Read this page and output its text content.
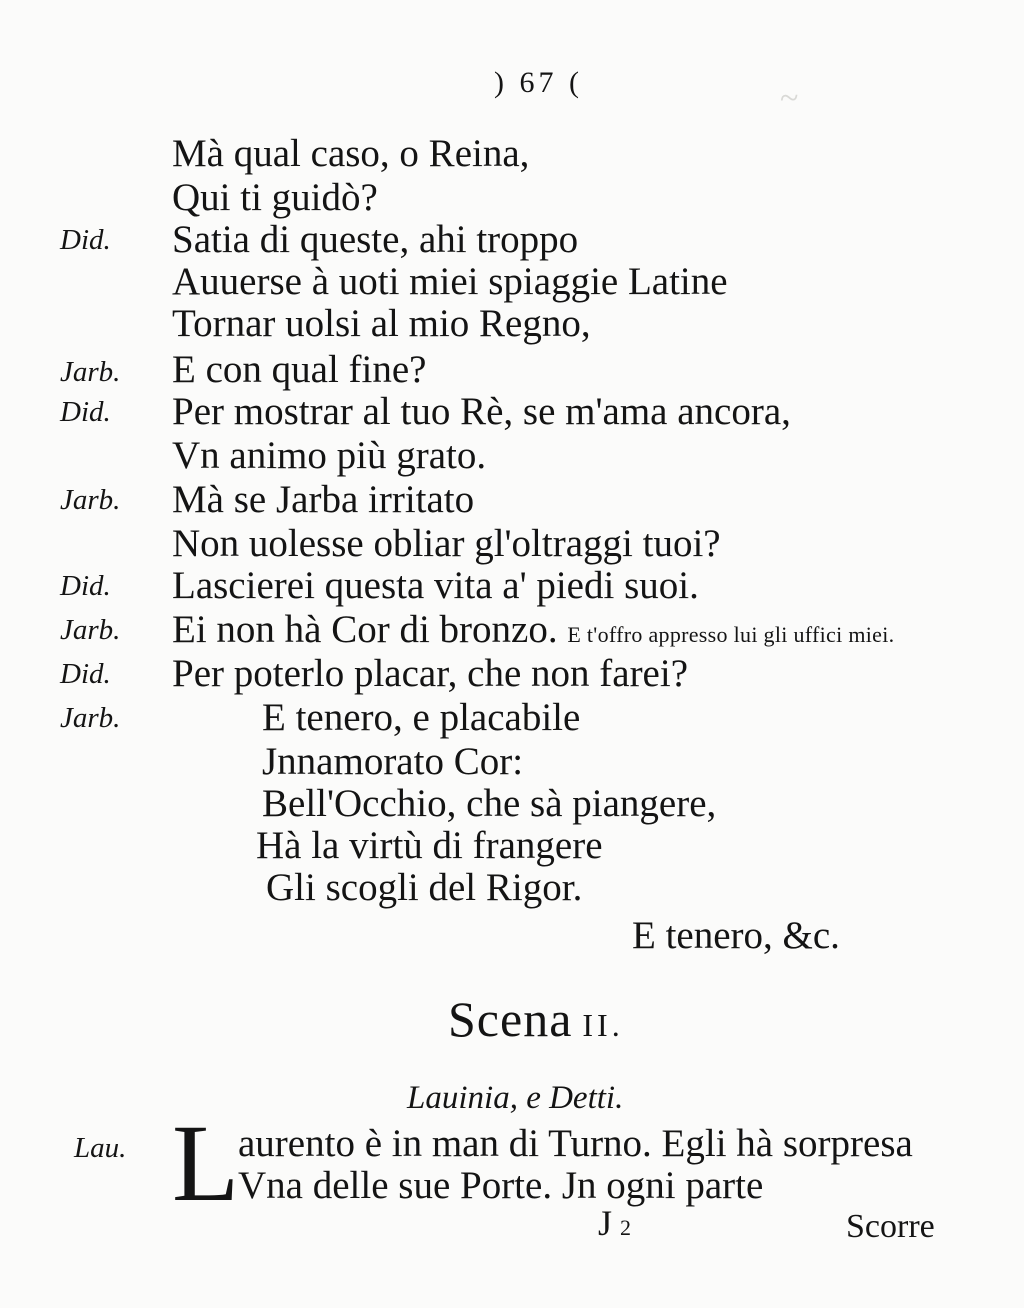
~
) 67 (
Mà qual caso, o Reina,
Qui ti guidò?
Did. Satia di queste, ahi troppo
Auuerse à uoti miei spiaggie Latine
Tornar uolsi al mio Regno,
Jarb. E con qual fine?
Did. Per mostrar al tuo Rè, se m'ama ancora,
Vn animo più grato.
Jarb. Mà se Jarba irritato
Non uolesse obliar gl'oltraggi tuoi?
Did. Lascierei questa vita a' piedi suoi.
Jarb. Ei non hà Cor di bronzo. E t'offro appresso lui gli uffici miei.
Did. Per poterlo placar, che non farei?
Jarb.	E tenero, e placabile
Jnnamorato Cor:
Bell'Occhio, che sà piangere,
Hà la virtù di frangere
Gli scogli del Rigor.
E tenero, &c.
Scena II.
Lauinia, e Detti.
Lau. L
aurento è in man di Turno. Egli hà sorpresa
Vna delle sue Porte. Jn ogni parte
J 2	Scorre
